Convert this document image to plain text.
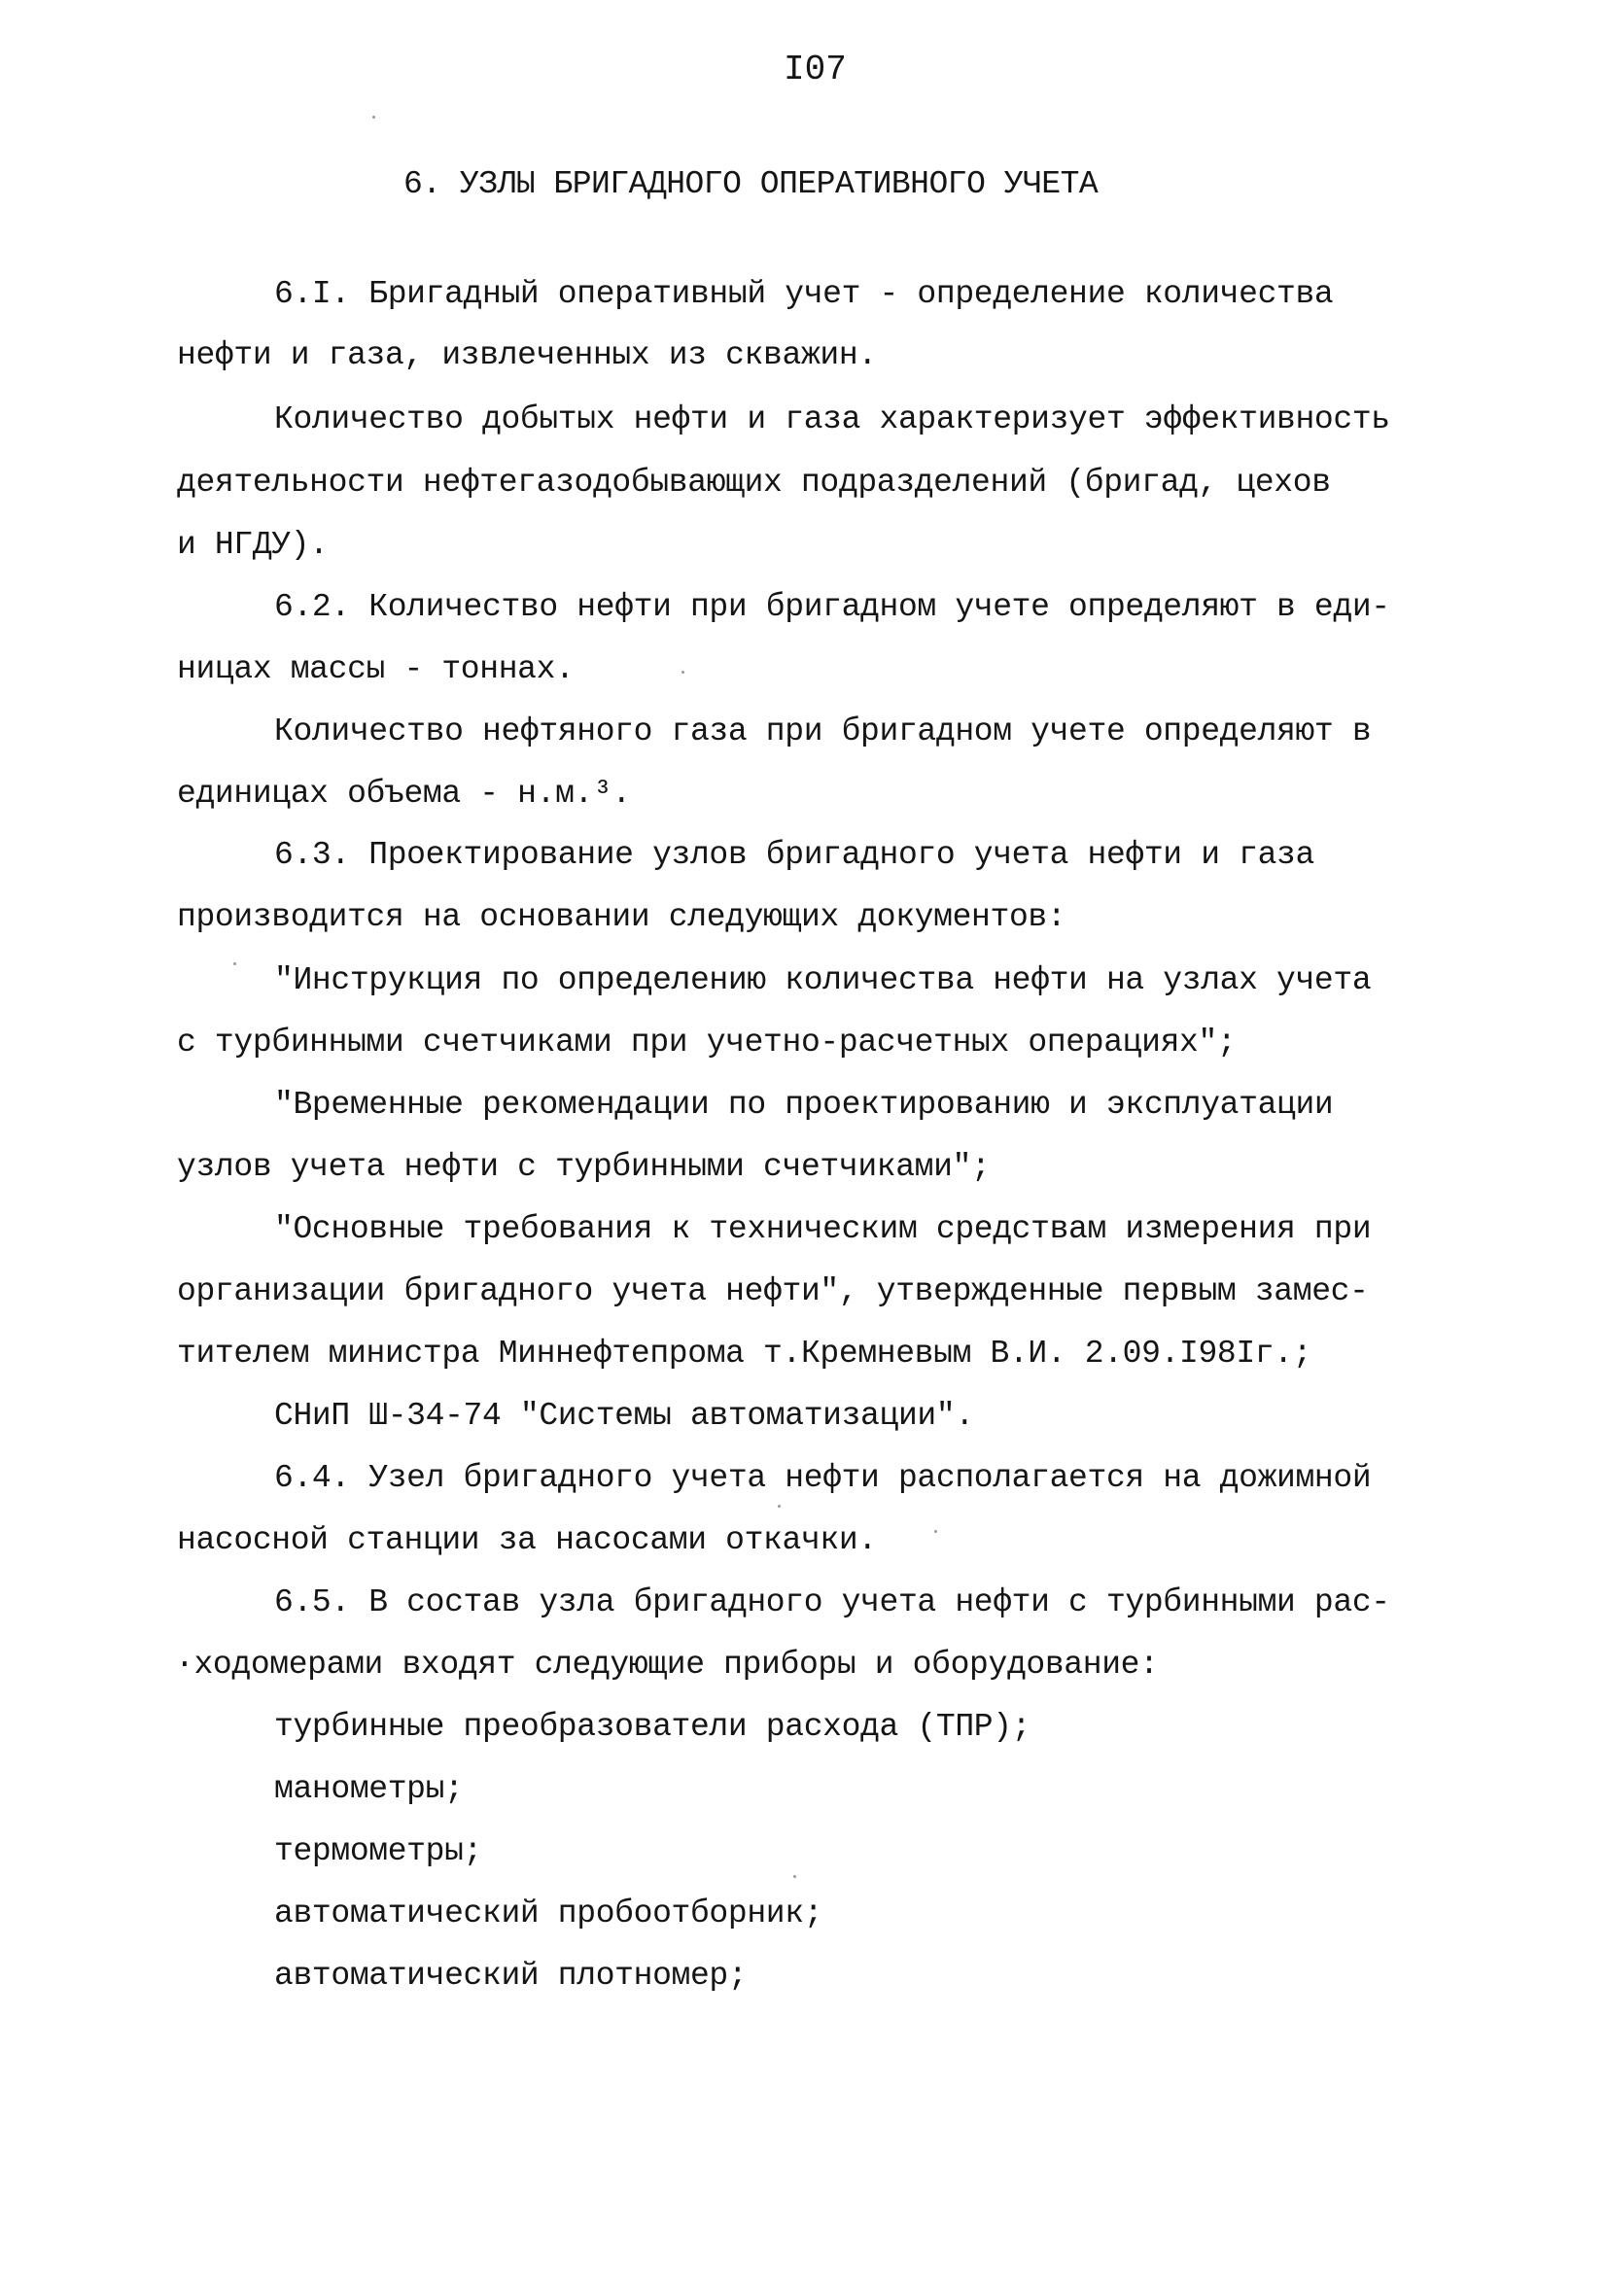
I07
6. УЗЛЫ БРИГАДНОГО ОПЕРАТИВНОГО УЧЕТА
6.I. Бригадный оперативный учет - определение количества
нефти и газа, извлеченных из скважин.
Количество добытых нефти и газа характеризует эффективность
деятельности нефтегазодобывающих подразделений (бригад, цехов
и НГДУ).
6.2. Количество нефти при бригадном учете определяют в еди-
ницах массы - тоннах.
Количество нефтяного газа при бригадном учете определяют в
единицах объема - н.м.³.
6.3. Проектирование узлов бригадного учета нефти и газа
производится на основании следующих документов:
"Инструкция по определению количества нефти на узлах учета
с турбинными счетчиками при учетно-расчетных операциях";
"Временные рекомендации по проектированию и эксплуатации
узлов учета нефти с турбинными счетчиками";
"Основные требования к техническим средствам измерения при
организации бригадного учета нефти", утвержденные первым замес-
тителем министра Миннефтепрома т.Кремневым В.И. 2.09.I98Iг.;
СНиП Ш-34-74 "Системы автоматизации".
6.4. Узел бригадного учета нефти располагается на дожимной
насосной станции за насосами откачки.
6.5. В состав узла бригадного учета нефти с турбинными рас-
·ходомерами входят следующие приборы и оборудование:
турбинные преобразователи расхода (ТПР);
манометры;
термометры;
автоматический пробоотборник;
автоматический плотномер;
